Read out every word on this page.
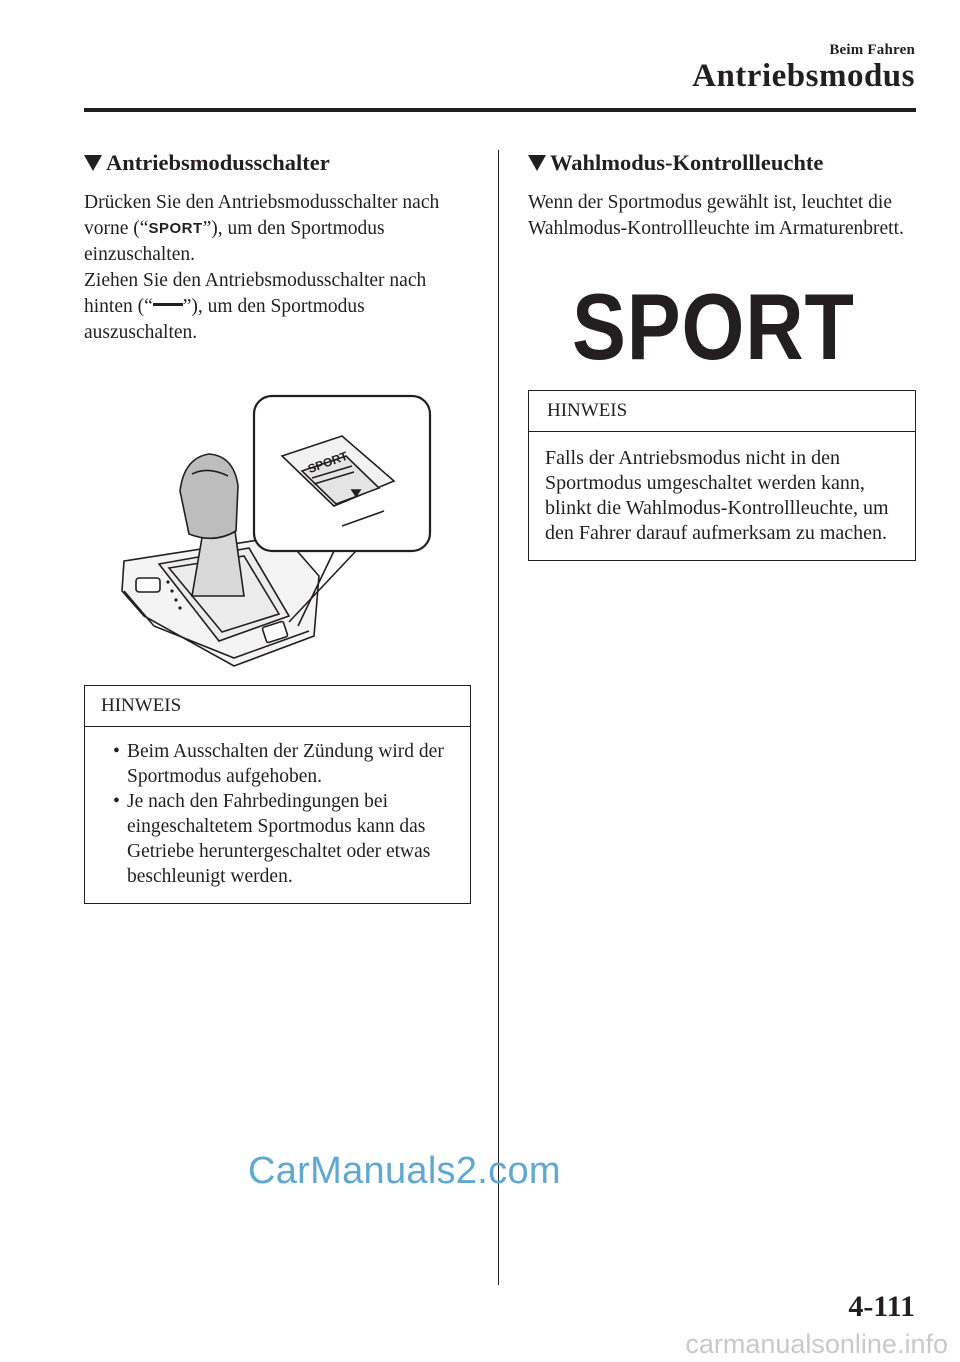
Beim Fahren
Antriebsmodus
Antriebsmodusschalter

Drücken Sie den Antriebsmodusschalter nach vorne (“SPORT”), um den Sportmodus einzuschalten.

Ziehen Sie den Antriebsmodusschalter nach hinten (“ ”), um den Sportmodus auszuschalten.

SPORT
HINWEIS
• Beim Ausschalten der Zündung wird der Sportmodus aufgehoben.
• Je nach den Fahrbedingungen bei eingeschaltetem Sportmodus kann das Getriebe heruntergeschaltet oder etwas beschleunigt werden.
Wahlmodus-Kontrollleuchte

Wenn der Sportmodus gewählt ist, leuchtet die Wahlmodus-Kontrollleuchte im Armaturenbrett.

SPORT
HINWEIS
Falls der Antriebsmodus nicht in den Sportmodus umgeschaltet werden kann, blinkt die Wahlmodus-Kontrollleuchte, um den Fahrer darauf aufmerksam zu machen.
CarManuals2.com
4-111
carmanualsonline.info
